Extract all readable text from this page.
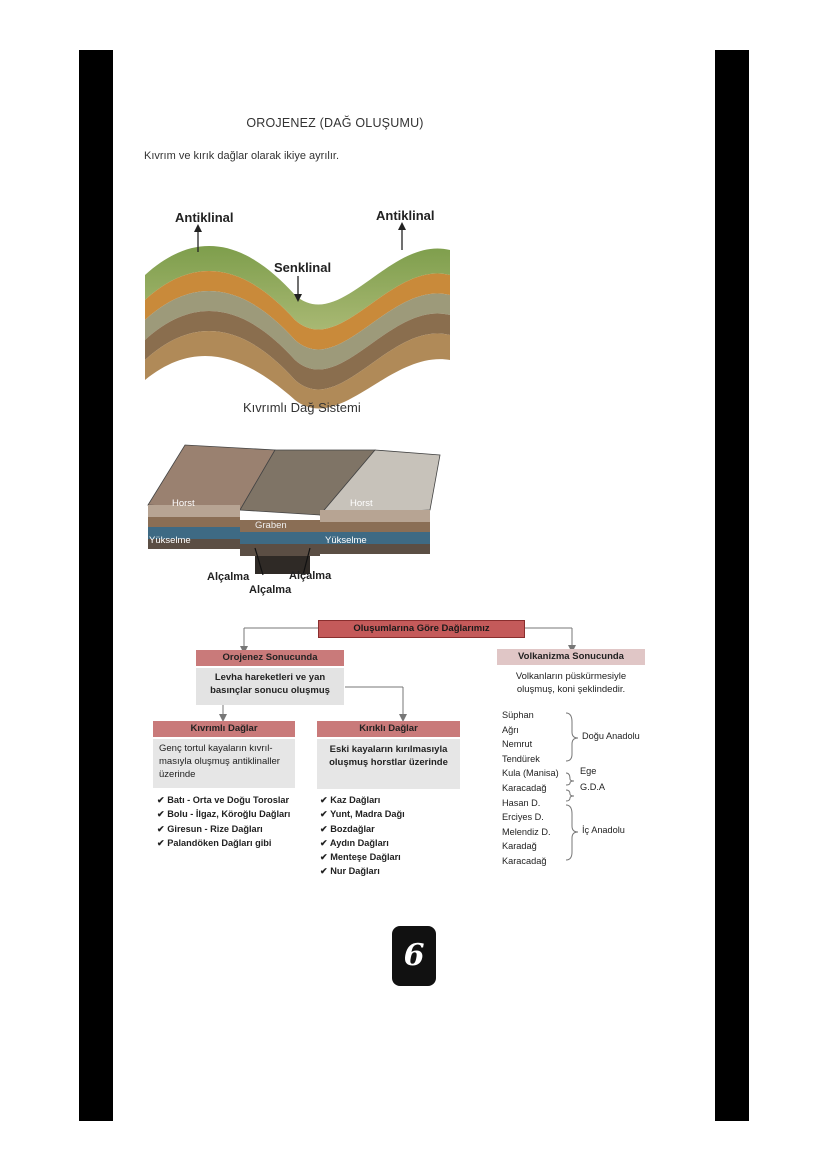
OROJENEZ (DAĞ OLUŞUMU)
Kıvrım ve kırık dağlar olarak ikiye ayrılır.
Antiklinal	Antiklinal
Senklinal
Kıvrımlı Dağ Sistemi
Horst	Horst
Graben
Yükselme	Yükselme
Alçalma	Alçalma
Alçalma
Oluşumlarına Göre Dağlarımız
Orojenez Sonucunda
Levha hareketleri ve yan
basınçlar sonucu oluşmuş
Volkanizma Sonucunda
Volkanların püskürmesiyle
oluşmuş, koni şeklindedir.
Kıvrımlı Dağlar
Genç tortul kayaların kıvrıl-
masıyla oluşmuş antiklinaller
üzerinde
✔ Batı - Orta ve Doğu Toroslar
✔ Bolu - İlgaz, Köroğlu Dağları
✔ Giresun - Rize Dağları
✔ Palandöken Dağları gibi
Kırıklı Dağlar
Eski kayaların kırılmasıyla
oluşmuş horstlar üzerinde
✔ Kaz Dağları
✔ Yunt, Madra Dağı
✔ Bozdağlar
✔ Aydın Dağları
✔ Menteşe Dağları
✔ Nur Dağları
Süphan
Ağrı
Nemrut
Tendürek
Kula (Manisa)
Karacadağ
Hasan D.
Erciyes D.
Melendiz D.
Karadağ
Karacadağ
Doğu Anadolu
Ege
G.D.A
İç Anadolu
6
